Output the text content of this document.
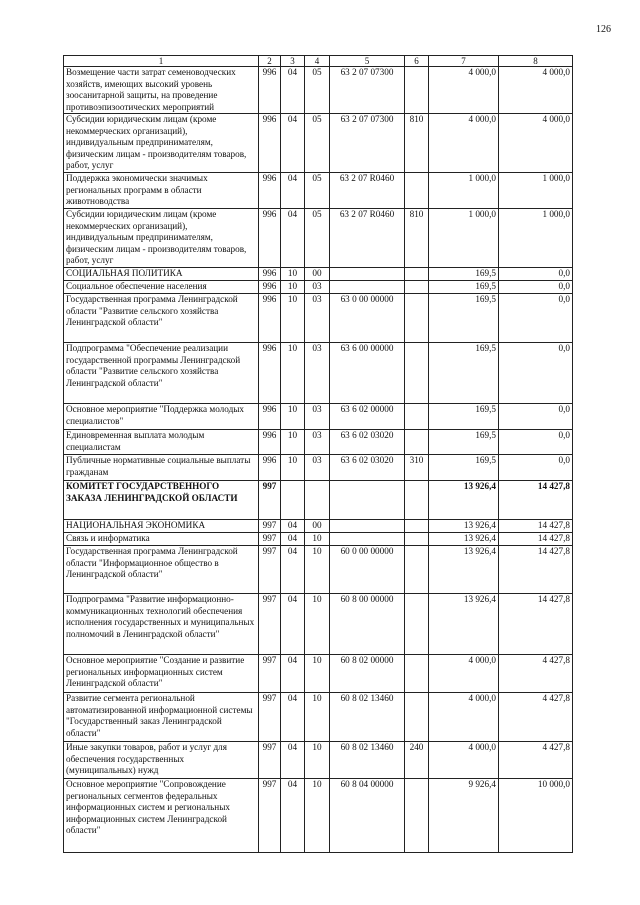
126
1	2	3	4	5	6	7	8
Возмещение части затрат семеноводческих хозяйств, имеющих высокий уровень зоосанитарной защиты, на проведение противоэпизоотических мероприятий	996	04	05	63 2 07 07300		4 000,0	4 000,0
Субсидии юридическим лицам (кроме некоммерческих организаций), индивидуальным предпринимателям, физическим лицам - производителям товаров, работ, услуг	996	04	05	63 2 07 07300	810	4 000,0	4 000,0
Поддержка экономически значимых региональных программ в области животноводства	996	04	05	63 2 07 R0460		1 000,0	1 000,0
Субсидии юридическим лицам (кроме некоммерческих организаций), индивидуальным предпринимателям, физическим лицам - производителям товаров, работ, услуг	996	04	05	63 2 07 R0460	810	1 000,0	1 000,0
СОЦИАЛЬНАЯ ПОЛИТИКА	996	10	00			169,5	0,0
Социальное обеспечение населения	996	10	03			169,5	0,0
Государственная программа Ленинградской области "Развитие сельского хозяйства Ленинградской области"	996	10	03	63 0 00 00000		169,5	0,0
Подпрограмма "Обеспечение реализации государственной программы Ленинградской области "Развитие сельского хозяйства Ленинградской области"	996	10	03	63 6 00 00000		169,5	0,0
Основное мероприятие "Поддержка молодых специалистов"	996	10	03	63 6 02 00000		169,5	0,0
Единовременная выплата молодым специалистам	996	10	03	63 6 02 03020		169,5	0,0
Публичные нормативные социальные выплаты гражданам	996	10	03	63 6 02 03020	310	169,5	0,0
КОМИТЕТ ГОСУДАРСТВЕННОГО ЗАКАЗА ЛЕНИНГРАДСКОЙ ОБЛАСТИ	997					13 926,4	14 427,8
НАЦИОНАЛЬНАЯ ЭКОНОМИКА	997	04	00			13 926,4	14 427,8
Связь и информатика	997	04	10			13 926,4	14 427,8
Государственная программа Ленинградской области "Информационное общество в Ленинградской области"	997	04	10	60 0 00 00000		13 926,4	14 427,8
Подпрограмма "Развитие информационно-коммуникационных технологий обеспечения исполнения государственных и муниципальных полномочий в Ленинградской области"	997	04	10	60 8 00 00000		13 926,4	14 427,8
Основное мероприятие "Создание и развитие региональных информационных систем Ленинградской области"	997	04	10	60 8 02 00000		4 000,0	4 427,8
Развитие сегмента региональной автоматизированной информационной системы "Государственный заказ Ленинградской области"	997	04	10	60 8 02 13460		4 000,0	4 427,8
Иные закупки товаров, работ и услуг для обеспечения государственных (муниципальных) нужд	997	04	10	60 8 02 13460	240	4 000,0	4 427,8
Основное мероприятие "Сопровождение региональных сегментов федеральных информационных систем и региональных информационных систем Ленинградской области"	997	04	10	60 8 04 00000		9 926,4	10 000,0
